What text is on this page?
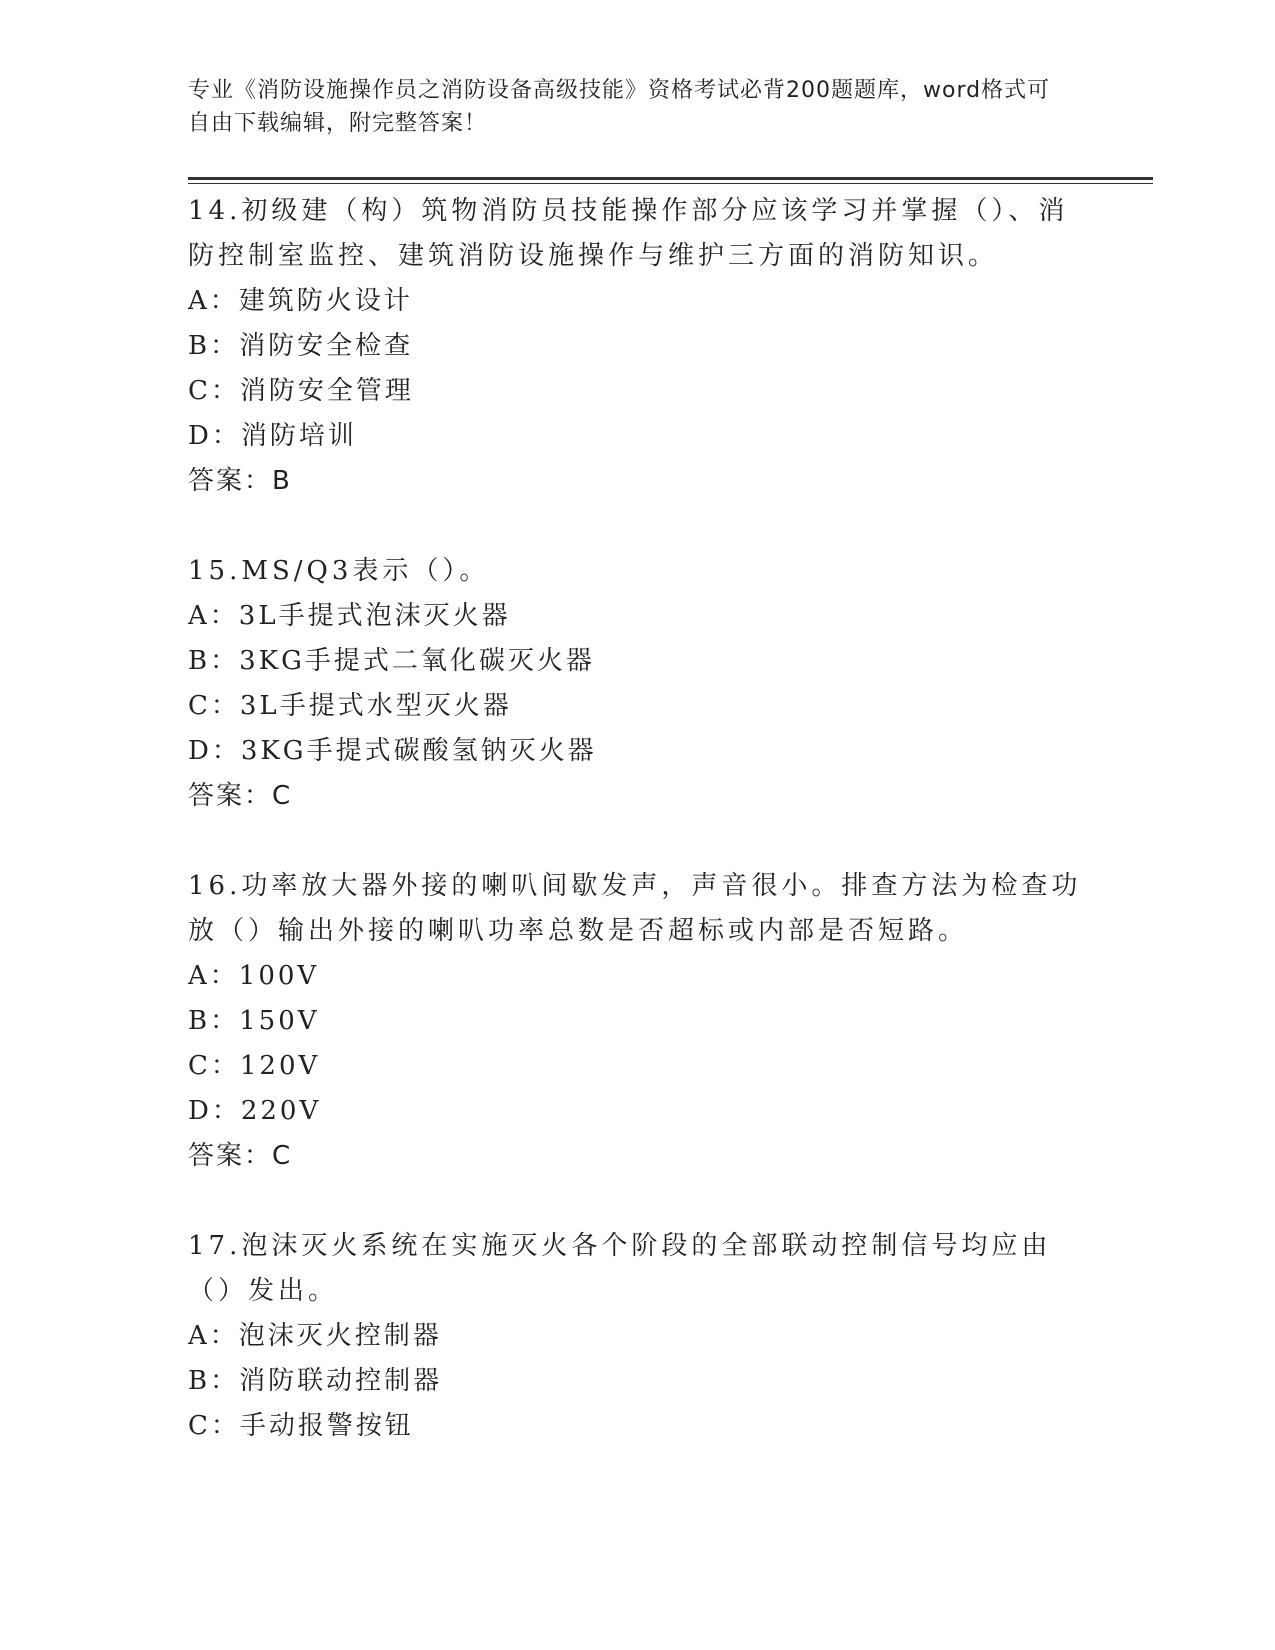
专业《消防设施操作员之消防设备高级技能》资格考试必背200题题库，word格式可自由下载编辑，附完整答案！

14.初级建（构）筑物消防员技能操作部分应该学习并掌握（）、消防控制室监控、建筑消防设施操作与维护三方面的消防知识。

A：建筑防火设计

B：消防安全检查

C：消防安全管理

D：消防培训

答案：B

15.MS/Q3表示（）。

A：3L手提式泡沫灭火器

B：3KG手提式二氧化碳灭火器

C：3L手提式水型灭火器

D：3KG手提式碳酸氢钠灭火器

答案：C

16.功率放大器外接的喇叭间歇发声，声音很小。排查方法为检查功放（）输出外接的喇叭功率总数是否超标或内部是否短路。

A：100V

B：150V

C：120V

D：220V

答案：C

17.泡沫灭火系统在实施灭火各个阶段的全部联动控制信号均应由（）发出。

A：泡沫灭火控制器

B：消防联动控制器

C：手动报警按钮
